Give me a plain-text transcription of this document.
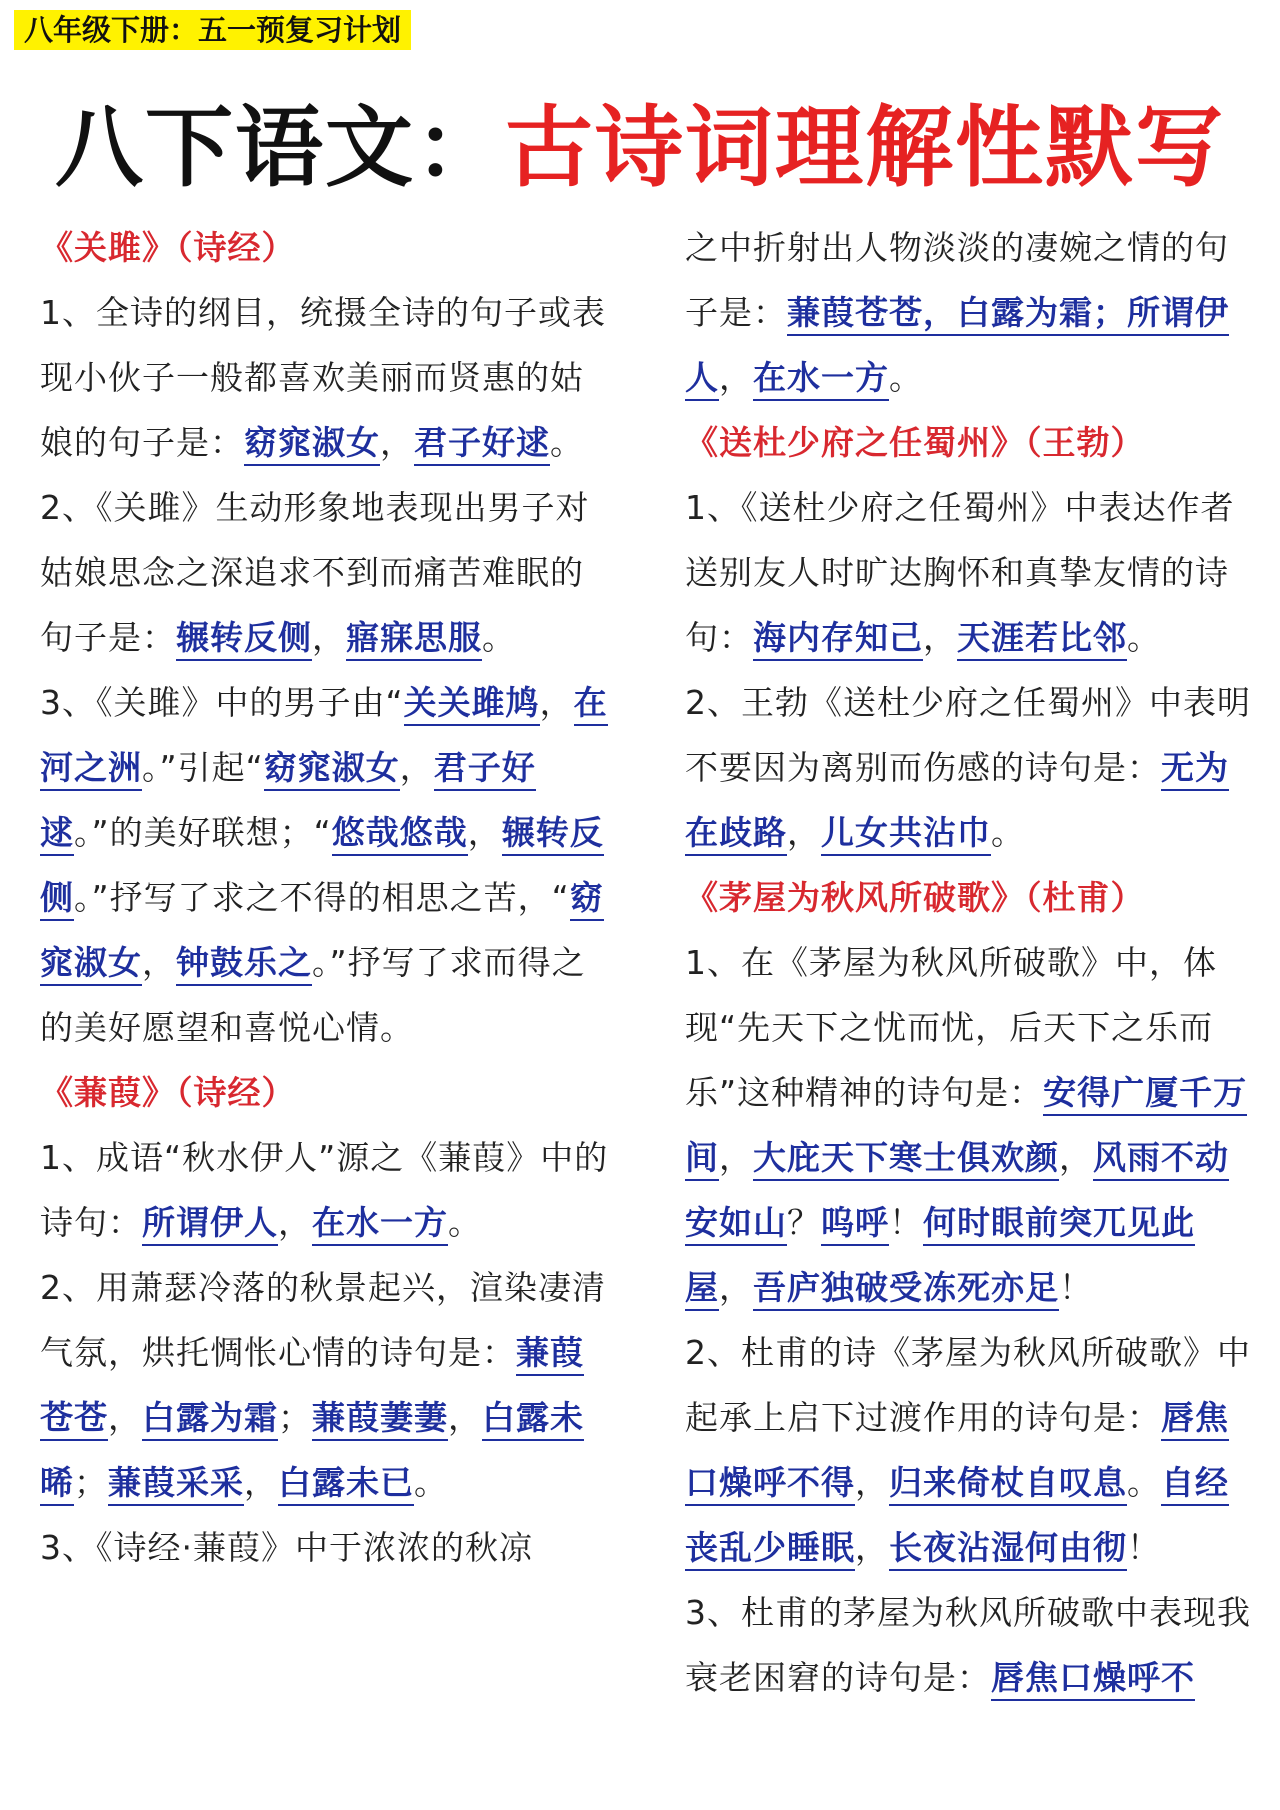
八年级下册：五一预复习计划
八下语文：古诗词理解性默写

《关雎》（诗经）

1、全诗的纲目，统摄全诗的句子或表现小伙子一般都喜欢美丽而贤惠的姑娘的句子是：窈窕淑女，君子好逑。

2、《关雎》生动形象地表现出男子对姑娘思念之深追求不到而痛苦难眠的句子是：辗转反侧，寤寐思服。

3、《关雎》中的男子由“关关雎鸠，在河之洲。”引起“窈窕淑女，君子好逑。”的美好联想；“悠哉悠哉，辗转反侧。”抒写了求之不得的相思之苦，“窈窕淑女，钟鼓乐之。”抒写了求而得之的美好愿望和喜悦心情。

《蒹葭》（诗经）

1、成语“秋水伊人”源之《蒹葭》中的诗句：所谓伊人，在水一方。

2、用萧瑟冷落的秋景起兴，渲染凄清气氛，烘托惆怅心情的诗句是：蒹葭苍苍，白露为霜；蒹葭萋萋，白露未晞；蒹葭采采，白露未已。

3、《诗经·蒹葭》中于浓浓的秋凉

之中折射出人物淡淡的凄婉之情的句子是：蒹葭苍苍，白露为霜；所谓伊人，在水一方。

《送杜少府之任蜀州》（王勃）

1、《送杜少府之任蜀州》中表达作者送别友人时旷达胸怀和真挚友情的诗句：海内存知己，天涯若比邻。

2、王勃《送杜少府之任蜀州》中表明不要因为离别而伤感的诗句是：无为在歧路，儿女共沾巾。

《茅屋为秋风所破歌》（杜甫）

1、在《茅屋为秋风所破歌》中，体现“先天下之忧而忧，后天下之乐而乐”这种精神的诗句是：安得广厦千万间，大庇天下寒士俱欢颜，风雨不动安如山？呜呼！何时眼前突兀见此屋，吾庐独破受冻死亦足！

2、杜甫的诗《茅屋为秋风所破歌》中起承上启下过渡作用的诗句是：唇焦口燥呼不得，归来倚杖自叹息。自经丧乱少睡眠，长夜沾湿何由彻！

3、杜甫的茅屋为秋风所破歌中表现我衰老困窘的诗句是：唇焦口燥呼不
